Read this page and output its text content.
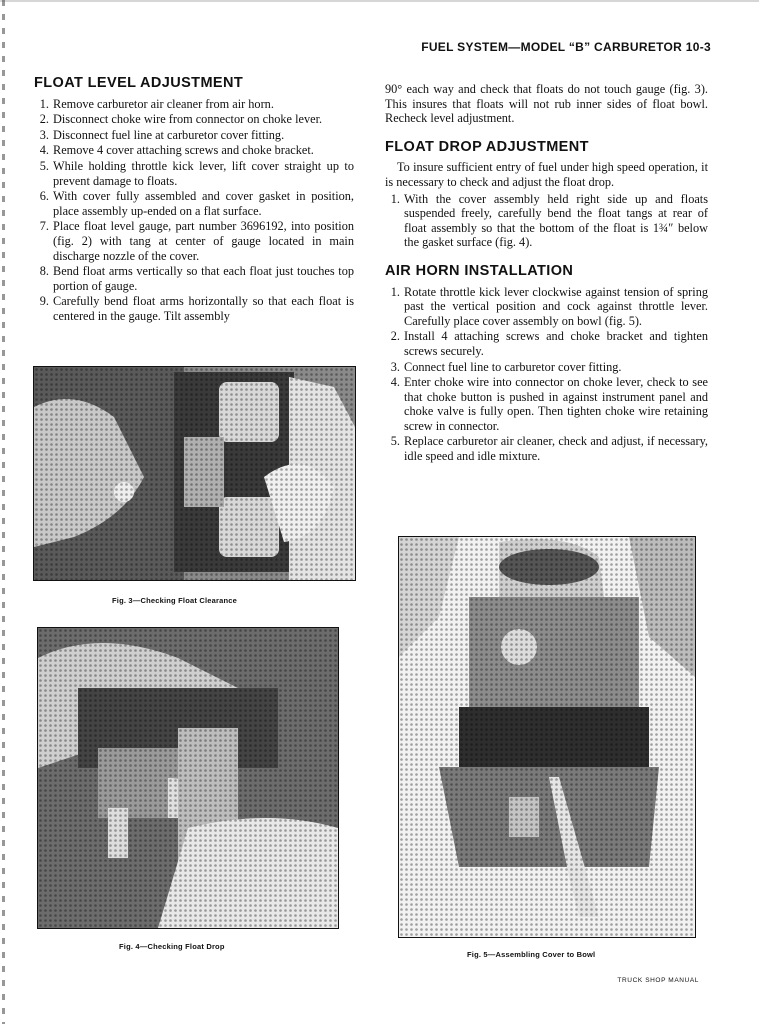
FUEL SYSTEM—MODEL “B” CARBURETOR 10-3
FLOAT LEVEL ADJUSTMENT
1. Remove carburetor air cleaner from air horn.
2. Disconnect choke wire from connector on choke lever.
3. Disconnect fuel line at carburetor cover fitting.
4. Remove 4 cover attaching screws and choke bracket.
5. While holding throttle kick lever, lift cover straight up to prevent damage to floats.
6. With cover fully assembled and cover gasket in position, place assembly up-ended on a flat surface.
7. Place float level gauge, part number 3696192, into position (fig. 2) with tang at center of gauge located in main discharge nozzle of the cover.
8. Bend float arms vertically so that each float just touches top portion of gauge.
9. Carefully bend float arms horizontally so that each float is centered in the gauge. Tilt assembly

90° each way and check that floats do not touch gauge (fig. 3). This insures that floats will not rub inner sides of float bowl. Recheck level adjustment.

FLOAT DROP ADJUSTMENT

To insure sufficient entry of fuel under high speed operation, it is necessary to check and adjust the float drop.

1. With the cover assembly held right side up and floats suspended freely, carefully bend the float tangs at rear of float assembly so that the bottom of the float is 1¾″ below the gasket surface (fig. 4).
AIR HORN INSTALLATION
1. Rotate throttle kick lever clockwise against tension of spring past the vertical position and cock against throttle lever. Carefully place cover assembly on bowl (fig. 5).
2. Install 4 attaching screws and choke bracket and tighten screws securely.
3. Connect fuel line to carburetor cover fitting.
4. Enter choke wire into connector on choke lever, check to see that choke button is pushed in against instrument panel and choke valve is fully open. Then tighten choke wire retaining screw in connector.
5. Replace carburetor air cleaner, check and adjust, if necessary, idle speed and idle mixture.
Fig. 3—Checking Float Clearance
Fig. 4—Checking Float Drop
Fig. 5—Assembling Cover to Bowl
TRUCK SHOP MANUAL
